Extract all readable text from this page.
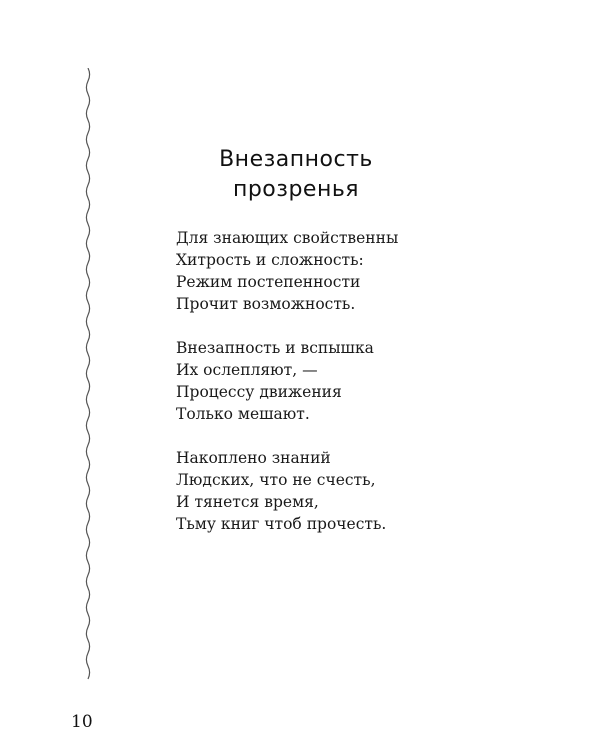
Внезапность
прозренья
Для знающих свойственны
Хитрость и сложность:
Режим постепенности
Прочит возможность.
Внезапность и вспышка
Их ослепляют, —
Процессу движения
Только мешают.
Накоплено знаний
Людских, что не счесть,
И тянется время,
Тьму книг чтоб прочесть.
10
